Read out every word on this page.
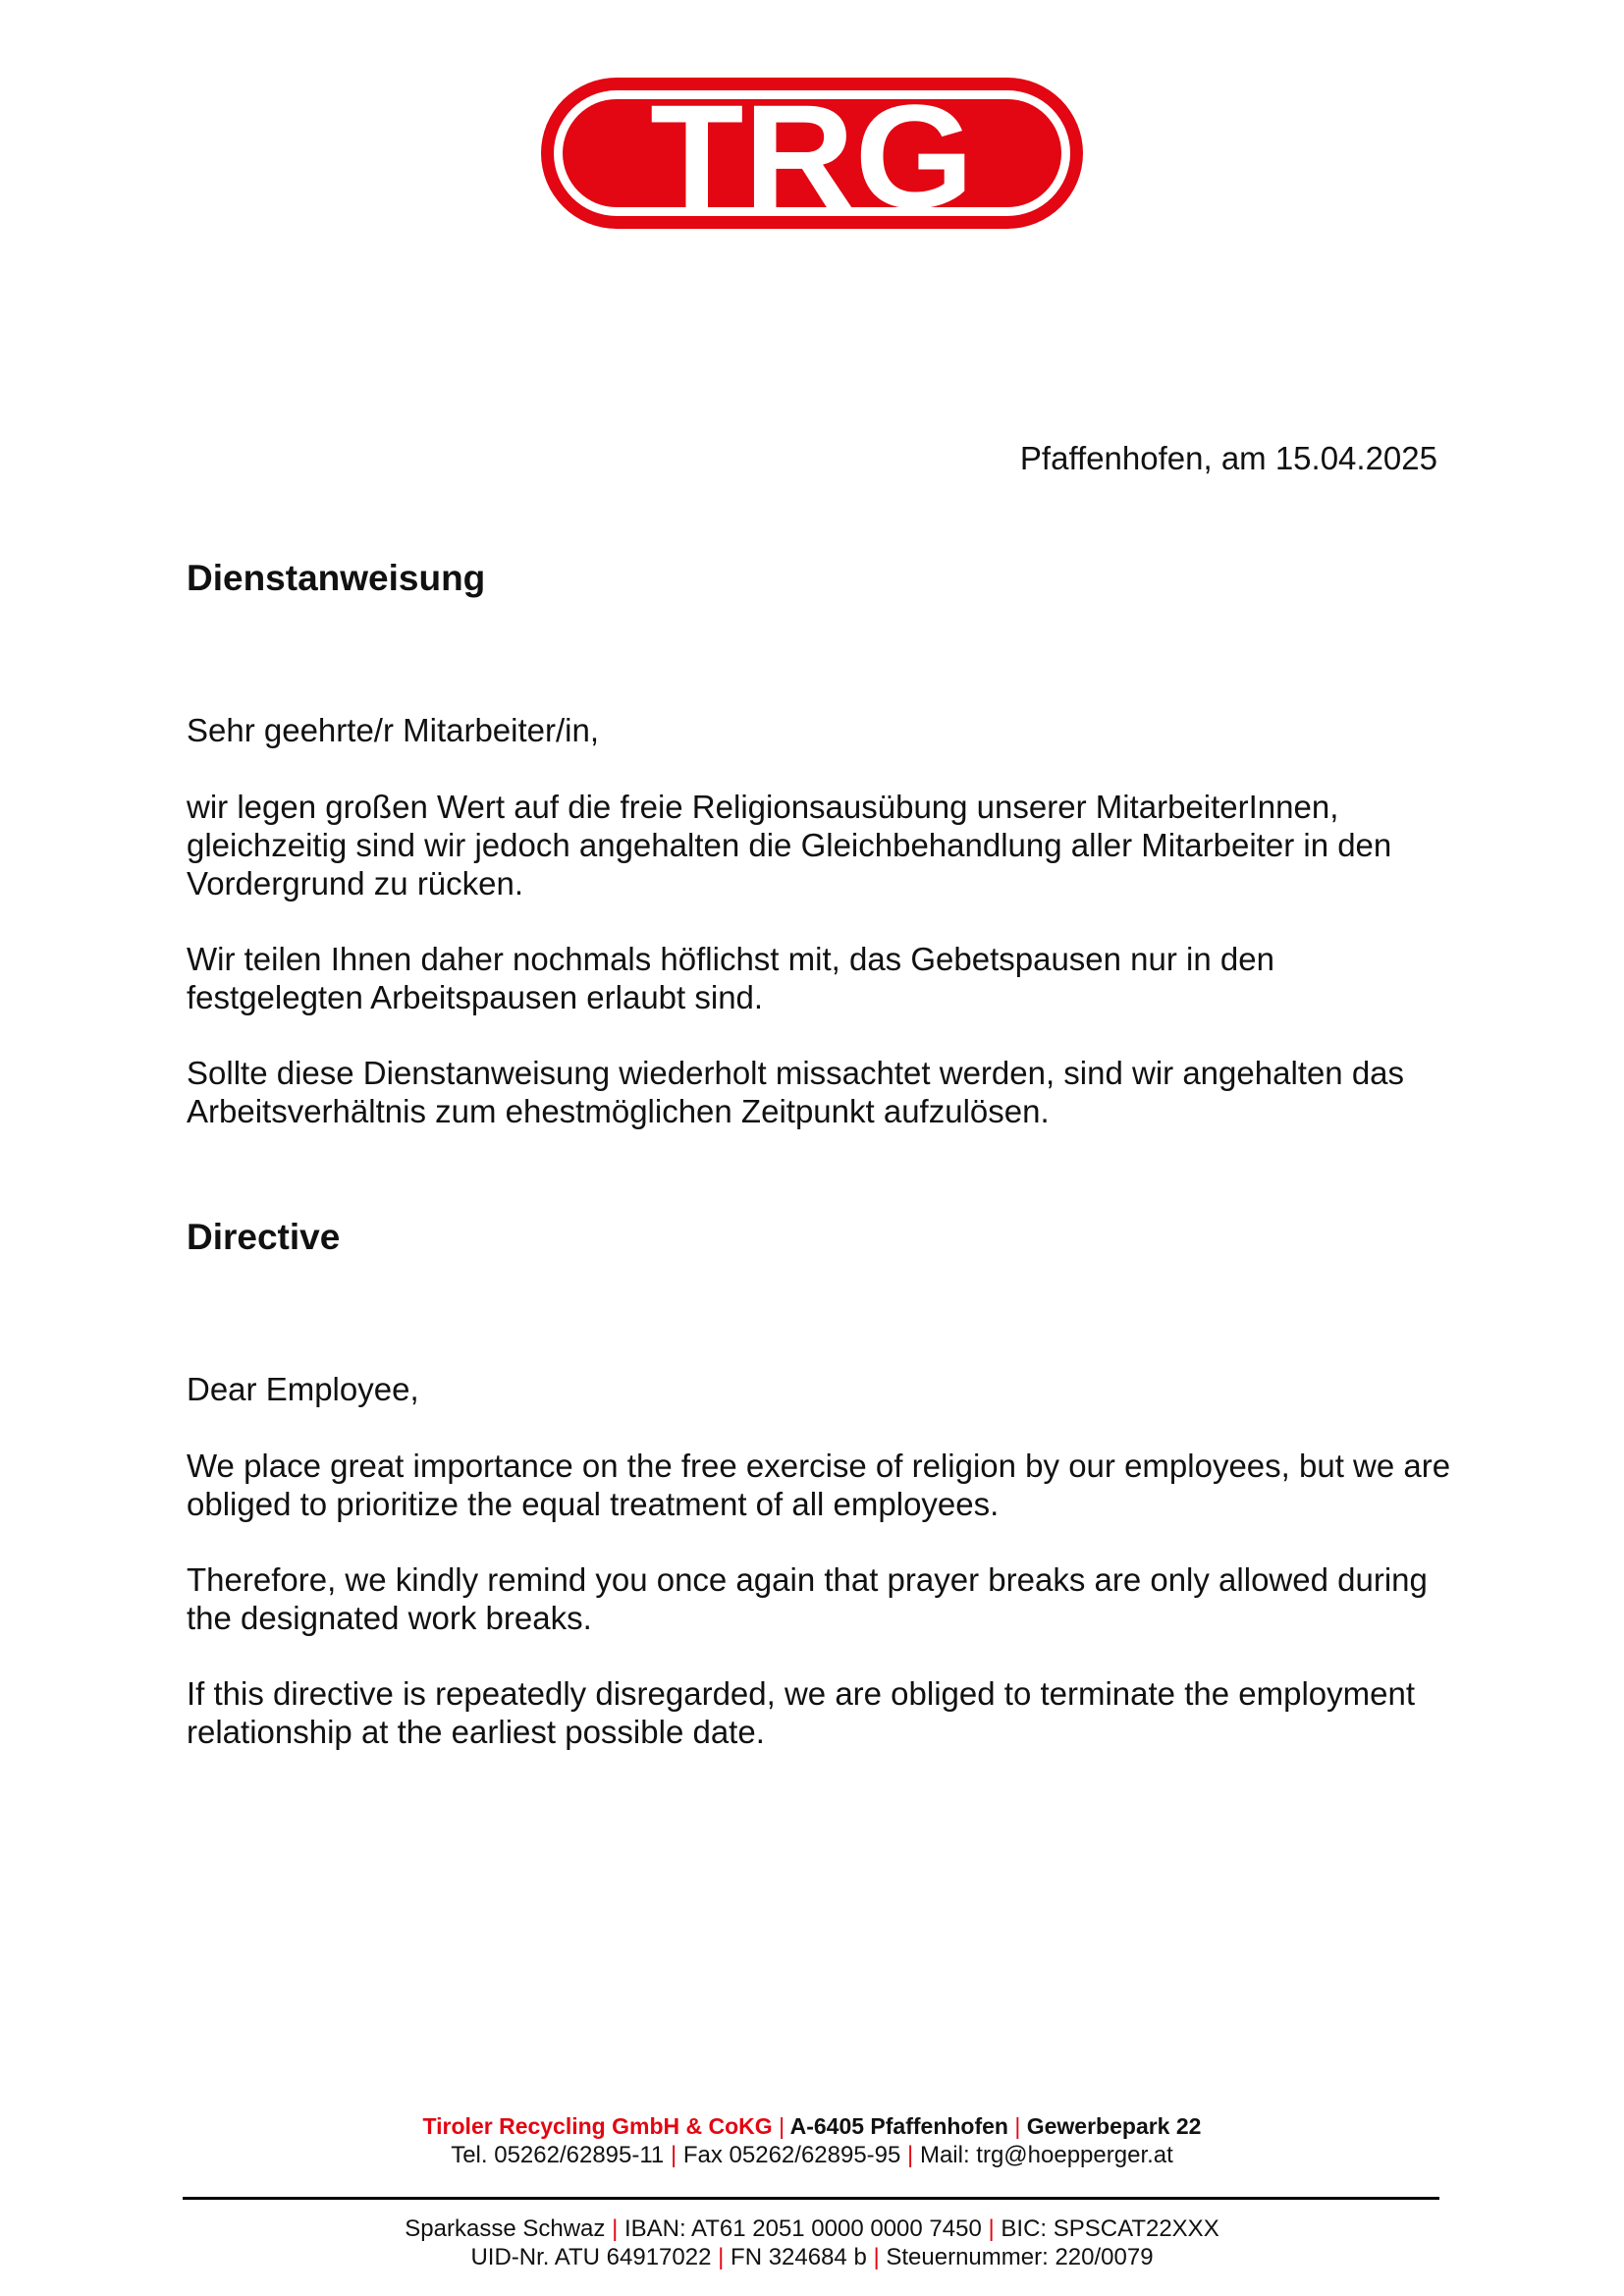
TRG
Pfaffenhofen, am 15.04.2025
Dienstanweisung

Sehr geehrte/r Mitarbeiter/in,

wir legen großen Wert auf die freie Religionsausübung unserer MitarbeiterInnen, gleichzeitig sind wir jedoch angehalten die Gleichbehandlung aller Mitarbeiter in den Vordergrund zu rücken.

Wir teilen Ihnen daher nochmals höflichst mit, das Gebetspausen nur in den festgelegten Arbeitspausen erlaubt sind.

Sollte diese Dienstanweisung wiederholt missachtet werden, sind wir angehalten das Arbeitsverhältnis zum ehestmöglichen Zeitpunkt aufzulösen.

Directive

Dear Employee,

We place great importance on the free exercise of religion by our employees, but we are obliged to prioritize the equal treatment of all employees.

Therefore, we kindly remind you once again that prayer breaks are only allowed during the designated work breaks.

If this directive is repeatedly disregarded, we are obliged to terminate the employment relationship at the earliest possible date.

Tiroler Recycling GmbH & CoKG | A-6405 Pfaffenhofen | Gewerbepark 22
Tel. 05262/62895-11 | Fax 05262/62895-95 | Mail: trg@hoepperger.at
Sparkasse Schwaz | IBAN: AT61 2051 0000 0000 7450 | BIC: SPSCAT22XXX
UID-Nr. ATU 64917022 | FN 324684 b | Steuernummer: 220/0079
